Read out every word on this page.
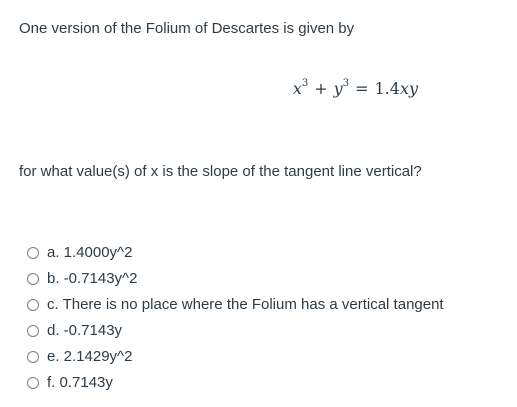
One version of the Folium of Descartes is given by
$x^3 + y^3 = 1.4xy$
for what value(s) of x is the slope of the tangent line vertical?
a. 1.4000y^2
b. -0.7143y^2
c. There is no place where the Folium has a vertical tangent
d. -0.7143y
e. 2.1429y^2
f. 0.7143y
